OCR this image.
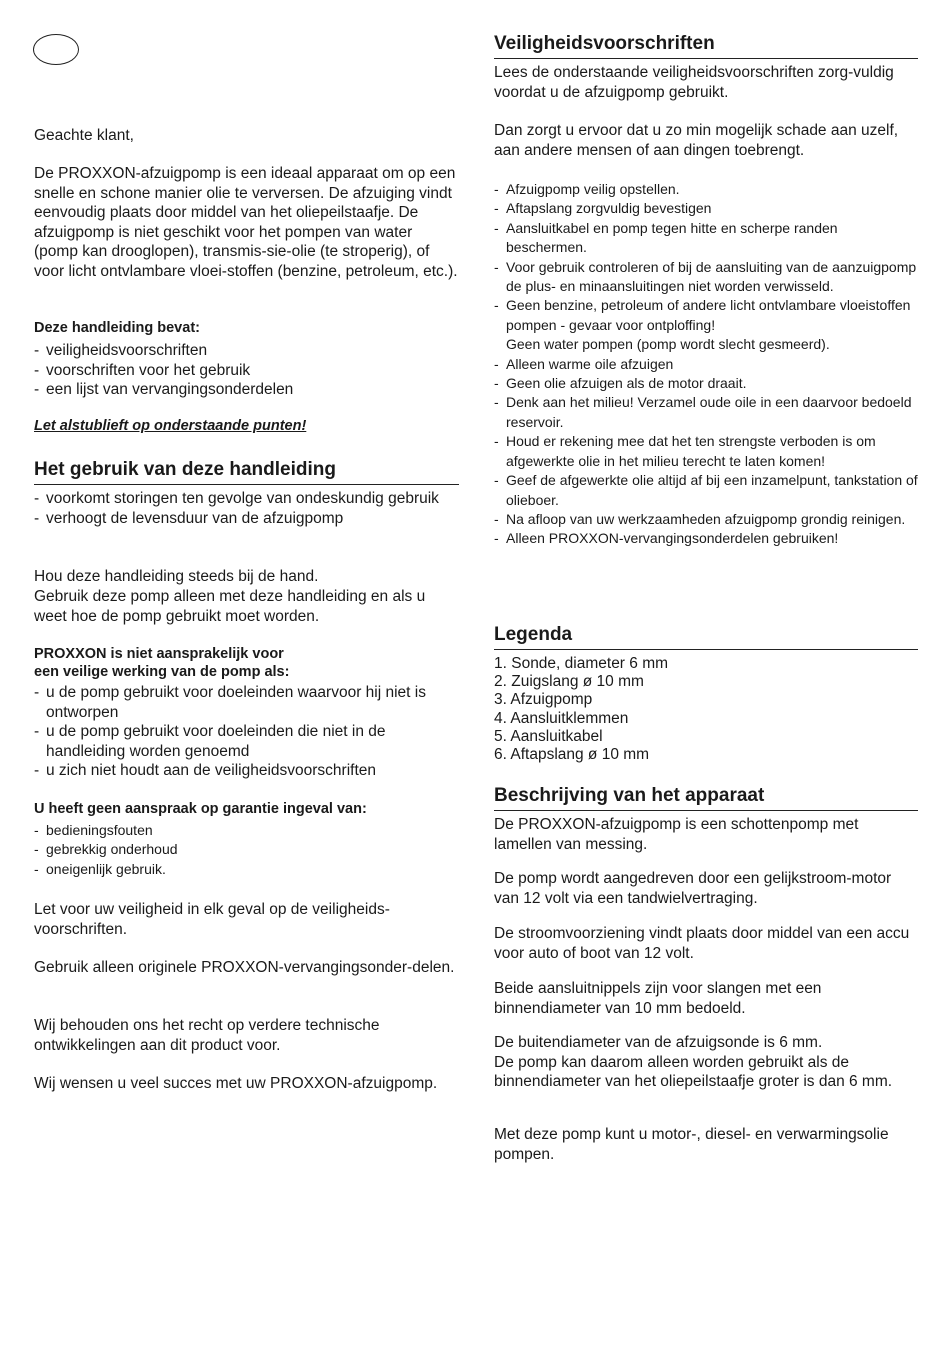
Geachte klant,

De PROXXON-afzuigpomp is een ideaal apparaat om op een snelle en schone manier olie te verversen. De afzuiging vindt eenvoudig plaats door middel van het oliepeilstaafje. De afzuigpomp is niet geschikt voor het pompen van water (pomp kan drooglopen), transmis-sie-olie (te stroperig), of voor licht ontvlambare vloei-stoffen (benzine, petroleum, etc.).

Deze handleiding bevat:

- veiligheidsvoorschriften
- voorschriften voor het gebruik
- een lijst van vervangingsonderdelen

Let alstublieft op onderstaande punten!

Het gebruik van deze handleiding
- voorkomt storingen ten gevolge van ondeskundig gebruik
- verhoogt de levensduur van de afzuigpomp

Hou deze handleiding steeds bij de hand.

Gebruik deze pomp alleen met deze handleiding en als u weet hoe de pomp gebruikt moet worden.

PROXXON is niet aansprakelijk voor

een veilige werking van de pomp als:

- u de pomp gebruikt voor doeleinden waarvoor hij niet is ontworpen
- u de pomp gebruikt voor doeleinden die niet in de handleiding worden genoemd
- u zich niet houdt aan de veiligheidsvoorschriften

U heeft geen aanspraak op garantie ingeval van:

- bedieningsfouten
- gebrekkig onderhoud
- oneigenlijk gebruik.

Let voor uw veiligheid in elk geval op de veiligheids-voorschriften.

Gebruik alleen originele PROXXON-vervangingsonder-delen.

Wij behouden ons het recht op verdere technische ontwikkelingen aan dit product voor.

Wij wensen u veel succes met uw PROXXON-afzuigpomp.

Veiligheidsvoorschriften

Lees de onderstaande veiligheidsvoorschriften zorg-vuldig voordat u de afzuigpomp gebruikt.

Dan zorgt u ervoor dat u zo min mogelijk schade aan uzelf, aan andere mensen of aan dingen toebrengt.

- Afzuigpomp veilig opstellen.
- Aftapslang zorgvuldig bevestigen
- Aansluitkabel en pomp tegen hitte en scherpe randen beschermen.
- Voor gebruik controleren of bij de aansluiting van de aanzuigpomp de plus- en minaansluitingen niet worden verwisseld.
- Geen benzine, petroleum of andere licht ontvlambare vloeistoffen pompen - gevaar voor ontploffing!
Geen water pompen (pomp wordt slecht gesmeerd).
- Alleen warme oile afzuigen
- Geen olie afzuigen als de motor draait.
- Denk aan het milieu! Verzamel oude oile in een daarvoor bedoeld reservoir.
- Houd er rekening mee dat het ten strengste verboden is om afgewerkte olie in het milieu terecht te laten komen!
- Geef de afgewerkte olie altijd af bij een inzamelpunt, tankstation of olieboer.
- Na afloop van uw werkzaamheden afzuigpomp grondig reinigen.
- Alleen PROXXON-vervangingsonderdelen gebruiken!
Legenda
1. Sonde, diameter 6 mm
2. Zuigslang ø 10 mm
3. Afzuigpomp
4. Aansluitklemmen
5. Aansluitkabel
6. Aftapslang ø 10 mm
Beschrijving van het apparaat

De PROXXON-afzuigpomp is een schottenpomp met lamellen van messing.

De pomp wordt aangedreven door een gelijkstroom-motor van 12 volt via een tandwielvertraging.

De stroomvoorziening vindt plaats door middel van een accu voor auto of boot van 12 volt.

Beide aansluitnippels zijn voor slangen met een binnendiameter van 10 mm bedoeld.

De buitendiameter van de afzuigsonde is 6 mm.
De pomp kan daarom alleen worden gebruikt als de binnendiameter van het oliepeilstaafje groter is dan 6 mm.

Met deze pomp kunt u motor-, diesel- en verwarmingsolie pompen.
